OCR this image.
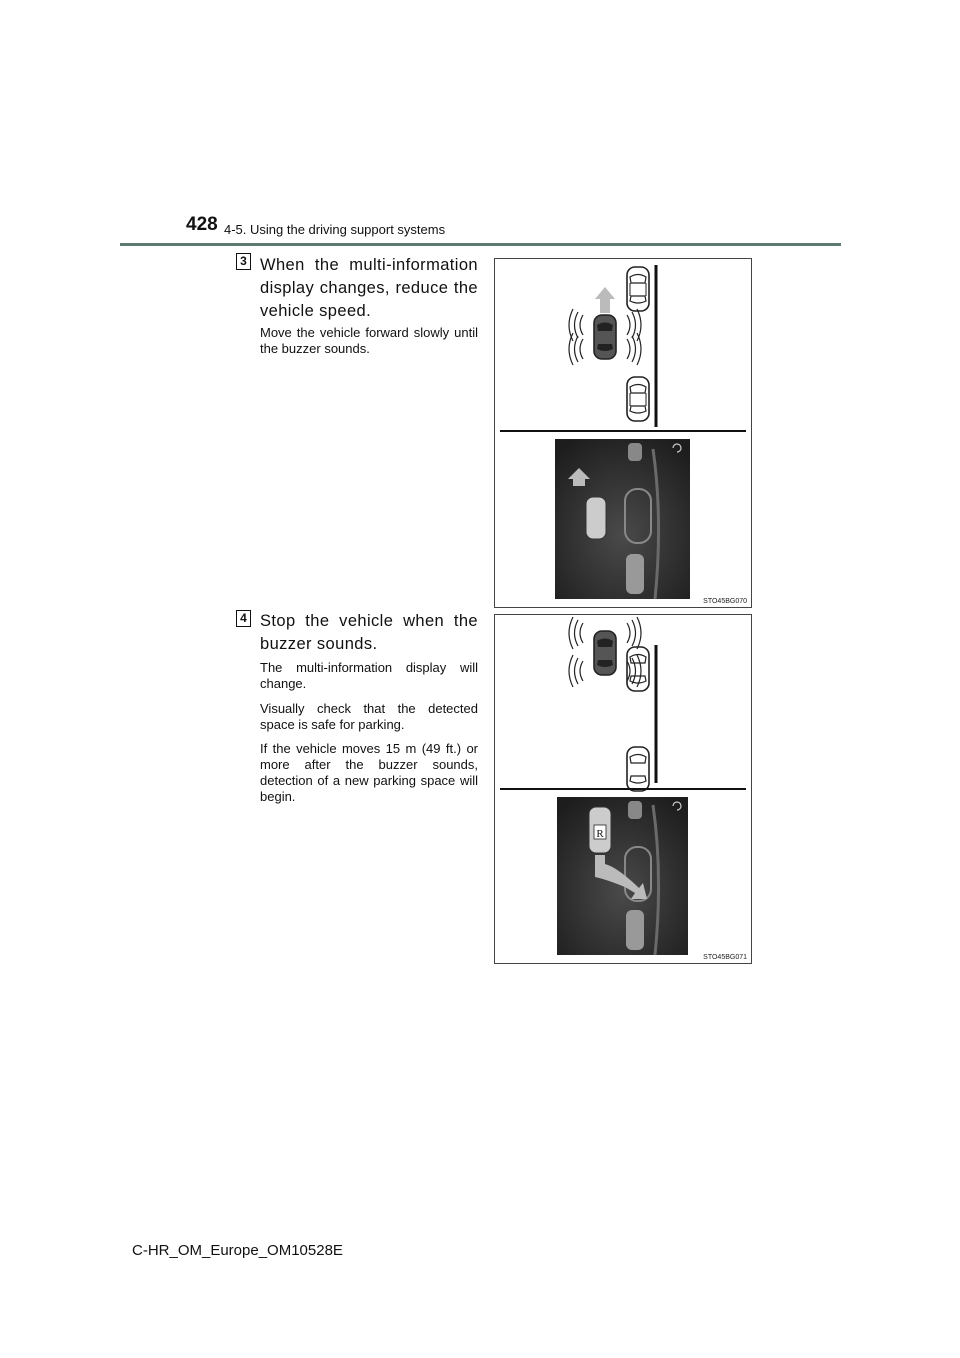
428 4-5. Using the driving support systems
3 When the multi-information display changes, reduce the vehicle speed.

Move the vehicle forward slowly until the buzzer sounds.

STO45BG070
4 Stop the vehicle when the buzzer sounds.

The multi-information display will change.

Visually check that the detected space is safe for parking.

If the vehicle moves 15 m (49 ft.) or more after the buzzer sounds, detection of a new parking space will begin.

R
STO45BG071
C-HR_OM_Europe_OM10528E
